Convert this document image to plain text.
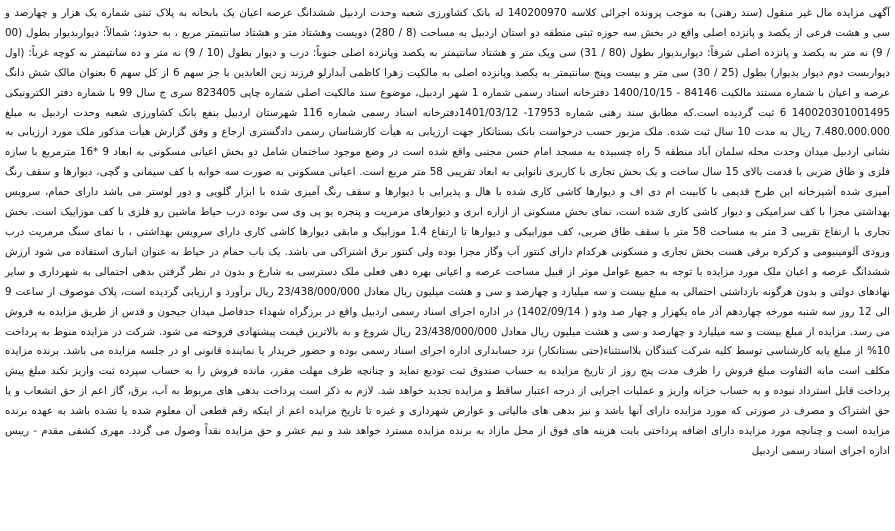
آگهی مزایده مال غیر منقول (سند رهنی) به موجب پرونده اجرائی کلاسه 140200970 له بانک کشاورزی شعبه وحدت اردبیل ششدانگ عرصه اعیان یک بابخانه به پلاک ثبتی شماره یک هزار و چهارصد و سی و هشت فرعی از یکصد و پانزده اصلی واقع در بخش سه حوزه ثبتی منطقه دو استان اردبیل به مساحت (8 / 280) دویست وهشتاد متر و هشتاد سانتیمتر مربع ، به حدود: شمالاً: دیواربدیوار بطول (00 / 9) نه متر به یکصد و پانزده اصلی شرقاً: دیواربدیوار بطول (80 / 31) سی ویک متر و هشتاد سانتیمتر به یکصد وپانزده اصلی جنوباً: درب و دیوار بطول (10 / 9) نه متر و ده سانتیمتر به کوچه غرباً: (اول دیواربست دوم دیوار بدیوار) بطول (25 / 30) سی متر و بیست وپنج سانتیمتر به یکصد وپانزده اصلی به مالکیت زهرا کاظمی آبدارلو فرزند زین العابدین با جز سهم 6 از کل سهم 6 بعنوان مالک شش دانگ عرصه و اعیان با شماره مستند مالکیت 84146 - 1400/10/15 دفترخانه اسناد رسمی شماره 1 شهر اردبیل، موضوع سند مالکیت اصلی شماره چاپی 823405 سری ج سال 99 با شماره دفتر الکترونیکی 140020301001495 6 ثبت گردیده است.که مطابق سند رهنی شماره 17953- 1401/03/12دفترخانه اسناد رسمی شماره 116 شهرستان اردبیل بنفع بانک کشاورزی شعبه وحدت اردبیل به مبلغ 7.480.000.000 ریال به مدت 10 سال ثبت شده. ملک مزبور حسب درخواست بانک بستانکار جهت ارزیابی به هیأت کارشناسان رسمی دادگستری ارجاع و وفق گزارش هیأت مذکور ملک مورد ارزیابی به نشانی اردبیل میدان وحدت محله سلمان آباد منطقه 5 راه چسبیده به مسجد امام حسن مجتبی واقع شده است در وضع موجود ساختمان شامل دو بخش اعیانی مسکونی به ابعاد 9 *16 مترمربع با سازه فلزی و طاق ضربی با قدمت بالای 15 سال ساخت و یک بخش تجاری با کاربری نانوایی به ابعاد تقریبی 58 متر مربع است. اعیانی مسکونی به صورت سه خوابه با کف سیمانی و گچی، دیوارها و سقف رنگ آمیزی شده آشپزخانه این طرح قدیمی با کابینت ام دی اف و دیوارها کاشی کاری شده با هال و پذیرایی با دیوارها و سقف رنگ آمیزی شده با ابزار گلویی و دور لوستر می باشد دارای حمام، سرویس بهداشتی مجزا با کف سرامیکی و دیوار کاشی کاری شده است، نمای بخش مسکونی از ازاره ابری و دیوارهای مرمریت و پنجره یو پی وی سی بوده درب حیاط ماشین رو فلزی با کف موزاییک است. بخش تجاری با ارتفاع تقریبی 3 متر به مساحت 58 متر با سقف طاق ضربی، کف موزاییکی و دیوارها تا ارتفاع 1.4 موزاییک و مابقی دیوارها کاشی کاری دارای سرویس بهداشتی ، با نمای سنگ مرمریت درب ورودی آلومینیومی و کرکره برقی هست بخش تجاری و مسکونی هرکدام دارای کنتور آب وگاز مجزا بوده ولی کنتور برق اشتراکی می باشد. یک باب حمام در حیاط به عنوان انباری استفاده می شود ارزش ششدانگ عرصه و اعیان ملک مورد مزایده با توجه به جمیع عوامل موثر از قبیل مساحت عرصه و اعیانی بهره دهی فعلی ملک دسترسی به شارع و بدون در نظر گرفتن بدهی احتمالی به شهرداری و سایر نهادهای دولتی و بدون هرگونه بازداشتی احتمالی به مبلغ بیست و سه میلیارد و چهارصد و سی و هشت میلیون ریال معادل 23/438/000/000 ریال برآورد و ارزیابی گردیده است، پلاک موصوف از ساعت 9 الی 12 روز سه شنبه مورخه چهاردهم آذر ماه یکهزار و چهار صد ودو ( 1402/09/14) در اداره اجرای اسناد رسمی اردبیل واقع در برزگراه شهداء حدفاصل میدان جیحون و قدس از طریق مزایده به فروش می رسد. مزایده از مبلغ بیست و سه میلیارد و چهارصد و سی و هشت میلیون ریال معادل 23/438/000/000 ریال شروع و به بالاترین قیمت پیشنهادی فروخته می شود. شرکت در مزایده منوط به پرداخت 10% از مبلغ پایه کارشناسی توسط کلیه شرکت کنندگان بلااستثناء(حتی بستانکار) نزد حسابداری اداره اجرای اسناد رسمی بوده و حضور خریدار یا نماینده قانونی او در جلسه مزایده می باشد. برنده مزایده مکلف است مابه التفاوت مبلغ فروش را ظرف مدت پنج روز از تاریخ مزایده به حساب صندوق ثبت تودیع نماید و چنانچه ظرف مهلت مقرر، مانده فروش را به حساب سپرده ثبت واریز نکند مبلغ پیش پرداخت قابل استرداد نبوده و به حساب خزانه واریز و عملیات اجرایی از درجه اعتبار ساقط و مزایده تجدید خواهد شد. لازم به ذکر است پرداخت بدهی های مربوط به آب، برق، گاز اعم از حق انشعاب و یا حق اشتراک و مصرف در صورتی که مورد مزایده دارای آنها باشد و نیز بدهی های مالیاتی و عوارض شهرداری و غیره تا تاریخ مزایده اعم از اینکه رقم قطعی آن معلوم شده یا نشده باشد به عهده برنده مزایده است و چنانچه مورد مزایده دارای اضافه پرداختی بابت هزینه های فوق از محل مازاد به برنده مزایده مسترد خواهد شد و نیم عشر و حق مزایده نقداً وصول می گردد. مهری کشفی مقدم - رییس اداره اجرای اسناد رسمی اردبیل
